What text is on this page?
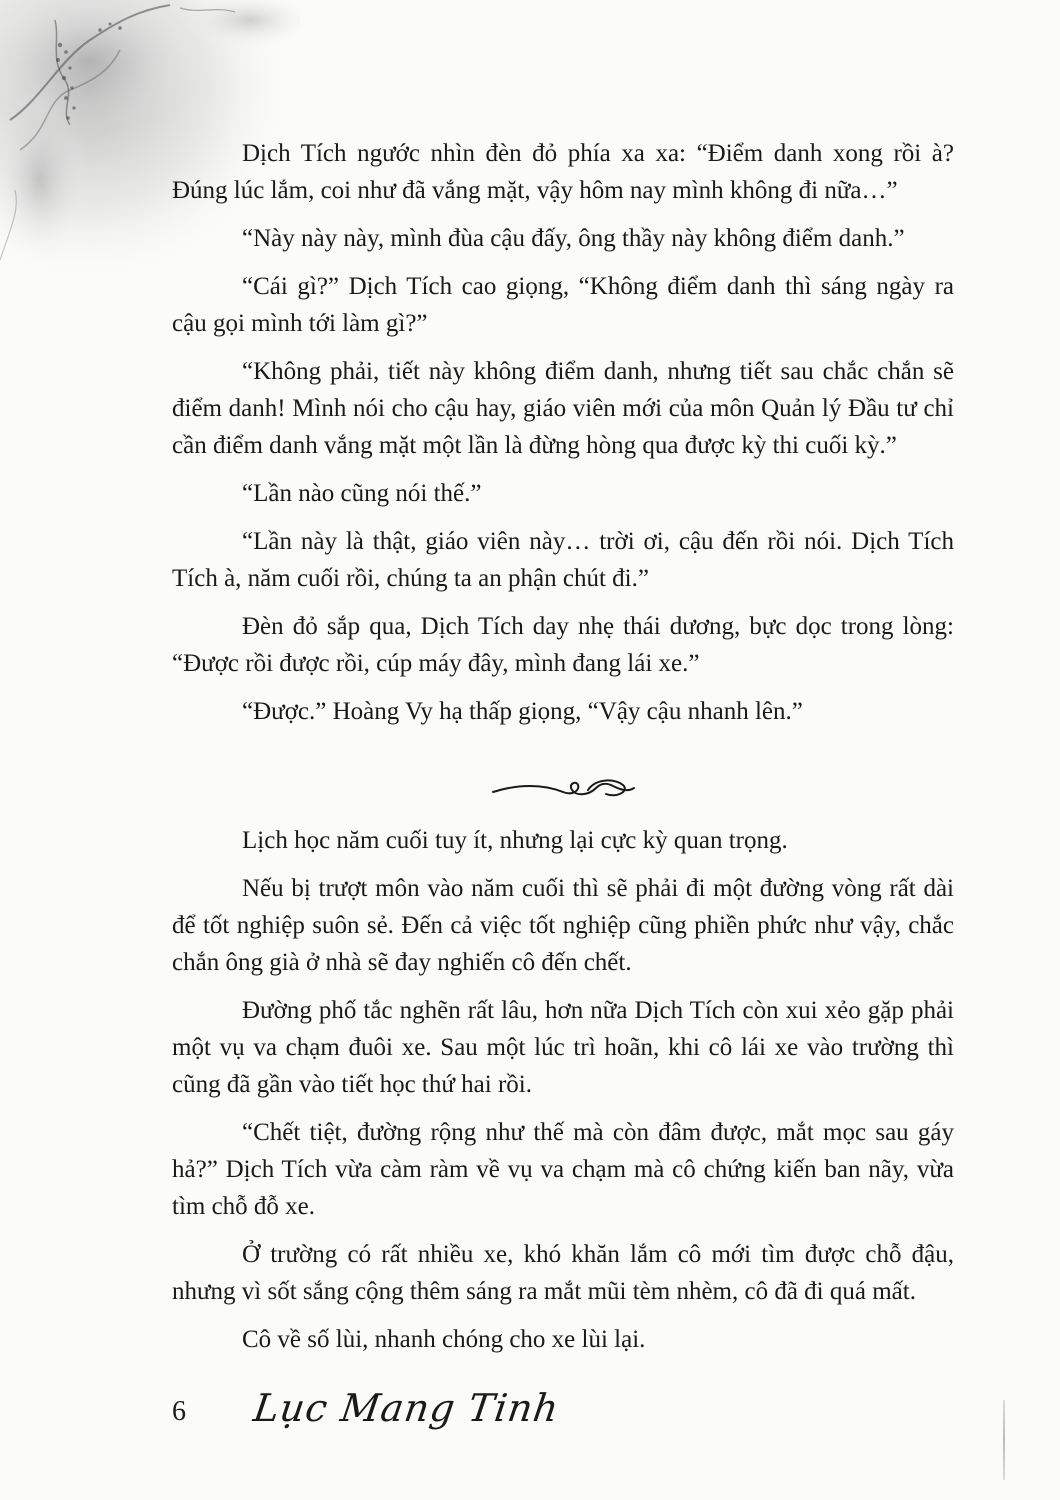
Dịch Tích ngước nhìn đèn đỏ phía xa xa: “Điểm danh xong rồi à? Đúng lúc lắm, coi như đã vắng mặt, vậy hôm nay mình không đi nữa…”

“Này này này, mình đùa cậu đấy, ông thầy này không điểm danh.”

“Cái gì?” Dịch Tích cao giọng, “Không điểm danh thì sáng ngày ra cậu gọi mình tới làm gì?”

“Không phải, tiết này không điểm danh, nhưng tiết sau chắc chắn sẽ điểm danh! Mình nói cho cậu hay, giáo viên mới của môn Quản lý Đầu tư chỉ cần điểm danh vắng mặt một lần là đừng hòng qua được kỳ thi cuối kỳ.”

“Lần nào cũng nói thế.”

“Lần này là thật, giáo viên này… trời ơi, cậu đến rồi nói. Dịch Tích Tích à, năm cuối rồi, chúng ta an phận chút đi.”

Đèn đỏ sắp qua, Dịch Tích day nhẹ thái dương, bực dọc trong lòng: “Được rồi được rồi, cúp máy đây, mình đang lái xe.”

“Được.” Hoàng Vy hạ thấp giọng, “Vậy cậu nhanh lên.”

Lịch học năm cuối tuy ít, nhưng lại cực kỳ quan trọng.

Nếu bị trượt môn vào năm cuối thì sẽ phải đi một đường vòng rất dài để tốt nghiệp suôn sẻ. Đến cả việc tốt nghiệp cũng phiền phức như vậy, chắc chắn ông già ở nhà sẽ đay nghiến cô đến chết.

Đường phố tắc nghẽn rất lâu, hơn nữa Dịch Tích còn xui xẻo gặp phải một vụ va chạm đuôi xe. Sau một lúc trì hoãn, khi cô lái xe vào trường thì cũng đã gần vào tiết học thứ hai rồi.

“Chết tiệt, đường rộng như thế mà còn đâm được, mắt mọc sau gáy hả?” Dịch Tích vừa càm ràm về vụ va chạm mà cô chứng kiến ban nãy, vừa tìm chỗ đỗ xe.

Ở trường có rất nhiều xe, khó khăn lắm cô mới tìm được chỗ đậu, nhưng vì sốt sắng cộng thêm sáng ra mắt mũi tèm nhèm, cô đã đi quá mất.

Cô về số lùi, nhanh chóng cho xe lùi lại.

6 Lục Mang Tinh
